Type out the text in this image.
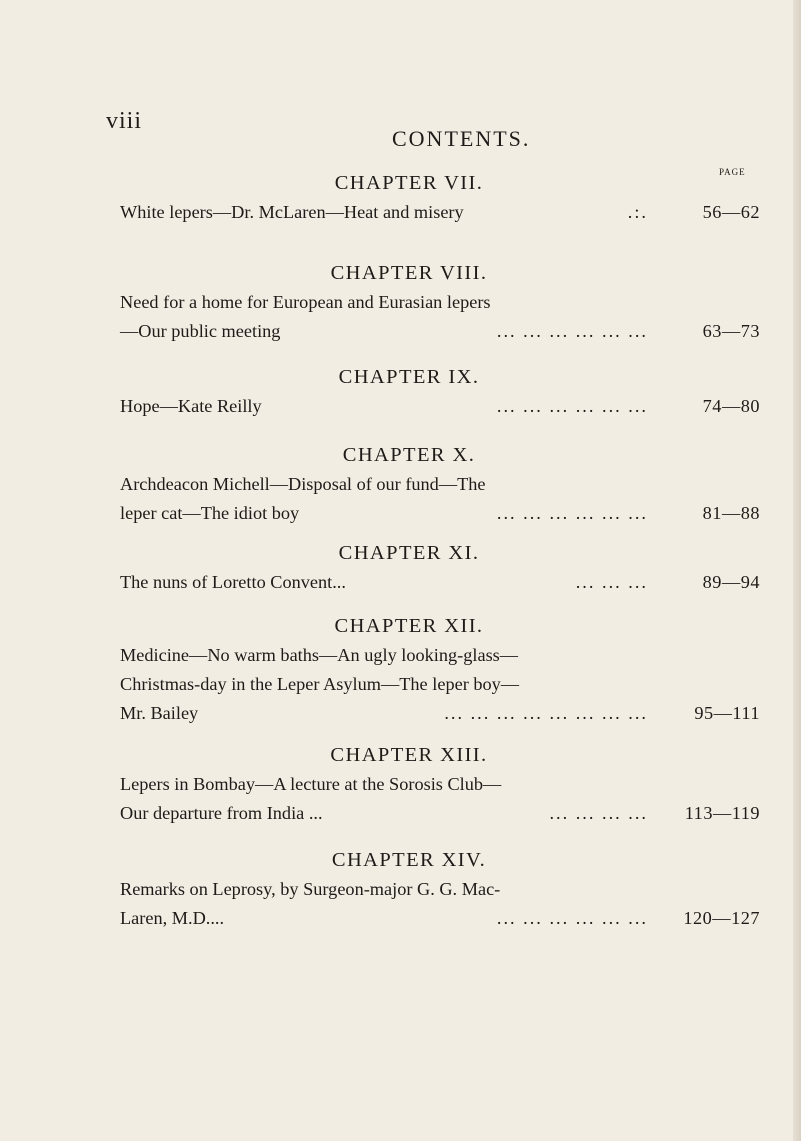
viii
CONTENTS.
PAGE
CHAPTER VII.
White lepers—Dr. McLaren—Heat and misery	.:.	56—62
CHAPTER VIII.
Need for a home for European and Eurasian lepers
—Our public meeting	... ... ... ... ... ...	63—73
CHAPTER IX.
Hope—Kate Reilly	... ... ... ... ... ...	74—80
CHAPTER X.
Archdeacon Michell—Disposal of our fund—The
leper cat—The idiot boy	... ... ... ... ... ...	81—88
CHAPTER XI.
The nuns of Loretto Convent...	... ... ...	89—94
CHAPTER XII.
Medicine—No warm baths—An ugly looking-glass—
Christmas-day in the Leper Asylum—The leper boy—
Mr. Bailey	... ... ... ... ... ... ... ...	95—111
CHAPTER XIII.
Lepers in Bombay—A lecture at the Sorosis Club—
Our departure from India ...	... ... ... ...	113—119
CHAPTER XIV.
Remarks on Leprosy, by Surgeon-major G. G. Mac-
Laren, M.D....	... ... ... ... ... ...	120—127
